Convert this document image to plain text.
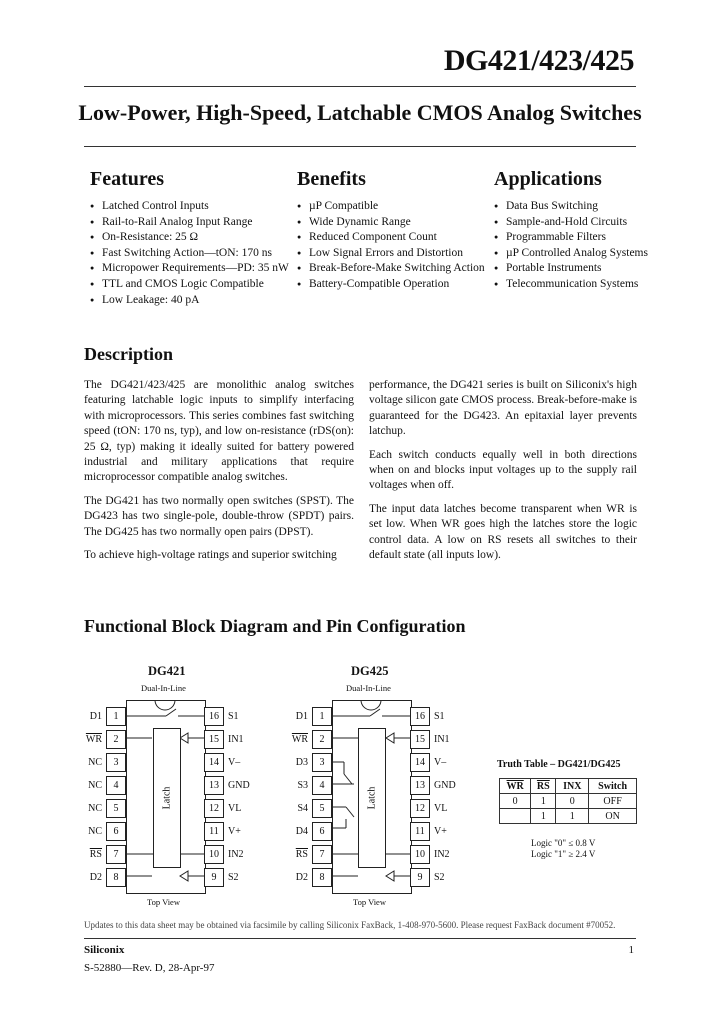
DG421/423/425
Low-Power, High-Speed, Latchable CMOS Analog Switches
Features
● Latched Control Inputs
● Rail-to-Rail Analog Input Range
● On-Resistance: 25 Ω
● Fast Switching Action—tON: 170 ns
● Micropower Requirements—PD: 35 nW
● TTL and CMOS Logic Compatible
● Low Leakage: 40 pA
Benefits
● µP Compatible
● Wide Dynamic Range
● Reduced Component Count
● Low Signal Errors and Distortion
● Break-Before-Make Switching Action
● Battery-Compatible Operation
Applications
● Data Bus Switching
● Sample-and-Hold Circuits
● Programmable Filters
● µP Controlled Analog Systems
● Portable Instruments
● Telecommunication Systems
Description

The DG421/423/425 are monolithic analog switches featuring latchable logic inputs to simplify interfacing with microprocessors. This series combines fast switching speed (tON: 170 ns, typ), and low on-resistance (rDS(on): 25 Ω, typ) making it ideally suited for battery powered industrial and military applications that require microprocessor compatible analog switches.

The DG421 has two normally open switches (SPST). The DG423 has two single-pole, double-throw (SPDT) pairs. The DG425 has two normally open pairs (DPST).

To achieve high-voltage ratings and superior switching

performance, the DG421 series is built on Siliconix's high voltage silicon gate CMOS process. Break-before-make is guaranteed for the DG423. An epitaxial layer prevents latchup.

Each switch conducts equally well in both directions when on and blocks input voltages up to the supply rail voltages when off.

The input data latches become transparent when WR is set low. When WR goes high the latches store the logic control data. A low on RS resets all switches to their default state (all inputs low).

Functional Block Diagram and Pin Configuration
DG421
Dual-In-Line
Latch
1
D1
2
$\overline{WR}$
3
NC
4
NC
5
NC
6
NC
7
$\overline{RS}$
8
D2
16 S1
15 IN1
14 V–
13 GND
12 VL
11 V+
10 IN2
9	S2
Top View
DG425
Dual-In-Line
Latch
1
D1
2
$\overline{WR}$
3
D3
4
S3
5
S4
6
D4
7
$\overline{RS}$
8
D2
16 S1
15 IN1
14 V–
13 GND
12 VL
11 V+
10 IN2
9	S2
Top View
Truth Table – DG421/DG425
$\overline{WR}$	$\overline{RS}$	INX	Switch
0	1	0	OFF
	1	1	ON
Logic "0" ≤ 0.8 V
Logic "1" ≥ 2.4 V
Updates to this data sheet may be obtained via facsimile by calling Siliconix FaxBack, 1-408-970-5600. Please request FaxBack document #70052.
Siliconix
S-52880—Rev. D, 28-Apr-97
1
